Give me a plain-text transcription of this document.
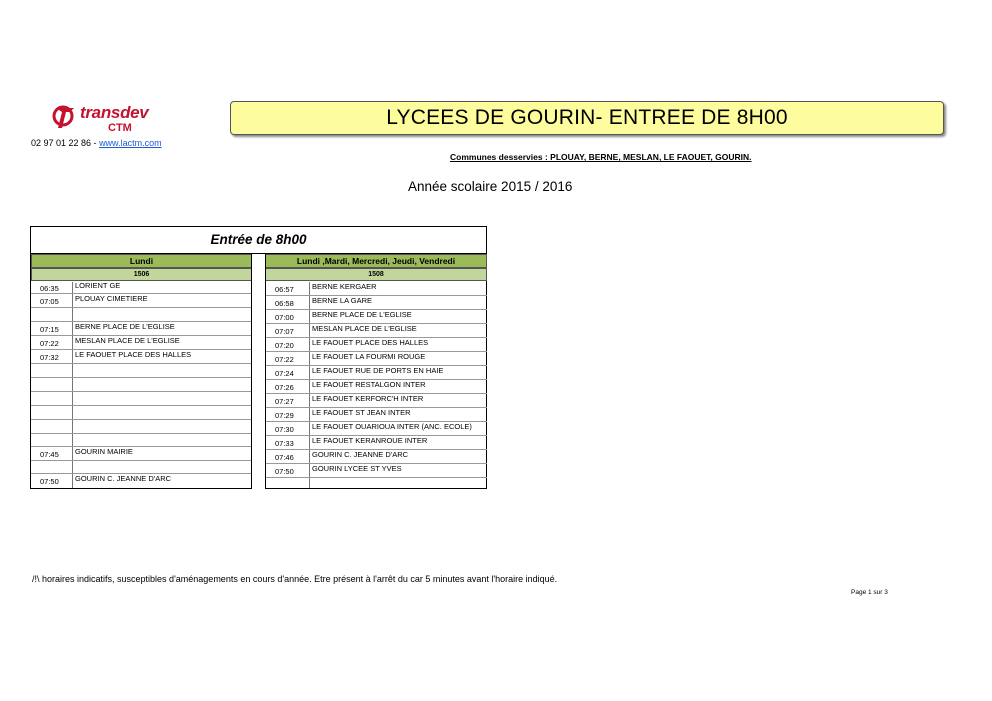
transdev
CTM
02 97 01 22 86 - www.lactm.com
LYCEES DE GOURIN- ENTREE DE 8H00
Communes desservies : PLOUAY, BERNE, MESLAN, LE FAOUET, GOURIN.
Année scolaire 2015 / 2016
Entrée de 8h00
Lundi
1506
Lundi ,Mardi, Mercredi, Jeudi, Vendredi
1508
06:35	LORIENT GE
07:05	PLOUAY CIMETIERE
07:15	BERNE PLACE DE L'EGLISE
07:22	MESLAN PLACE DE L'EGLISE
07:32	LE FAOUET PLACE DES HALLES
07:45	GOURIN MAIRIE
07:50	GOURIN C. JEANNE D'ARC
06:57	BERNE KERGAER
06:58	BERNE LA GARE
07:00	BERNE PLACE DE L'EGLISE
07:07	MESLAN PLACE DE L'EGLISE
07:20	LE FAOUET PLACE DES HALLES
07:22	LE FAOUET LA FOURMI ROUGE
07:24	LE FAOUET RUE DE PORTS EN HAIE
07:26	LE FAOUET RESTALGON INTER
07:27	LE FAOUET KERFORC'H INTER
07:29	LE FAOUET ST JEAN INTER
07:30	LE FAOUET OUARIOUA INTER (ANC. ECOLE)
07:33	LE FAOUET KERANROUE INTER
07:46	GOURIN C. JEANNE D'ARC
07:50	GOURIN LYCEE ST YVES
/!\ horaires indicatifs, susceptibles d'aménagements en cours d'année. Etre présent à l'arrêt du car 5 minutes avant l'horaire indiqué.
Page 1 sur 3
